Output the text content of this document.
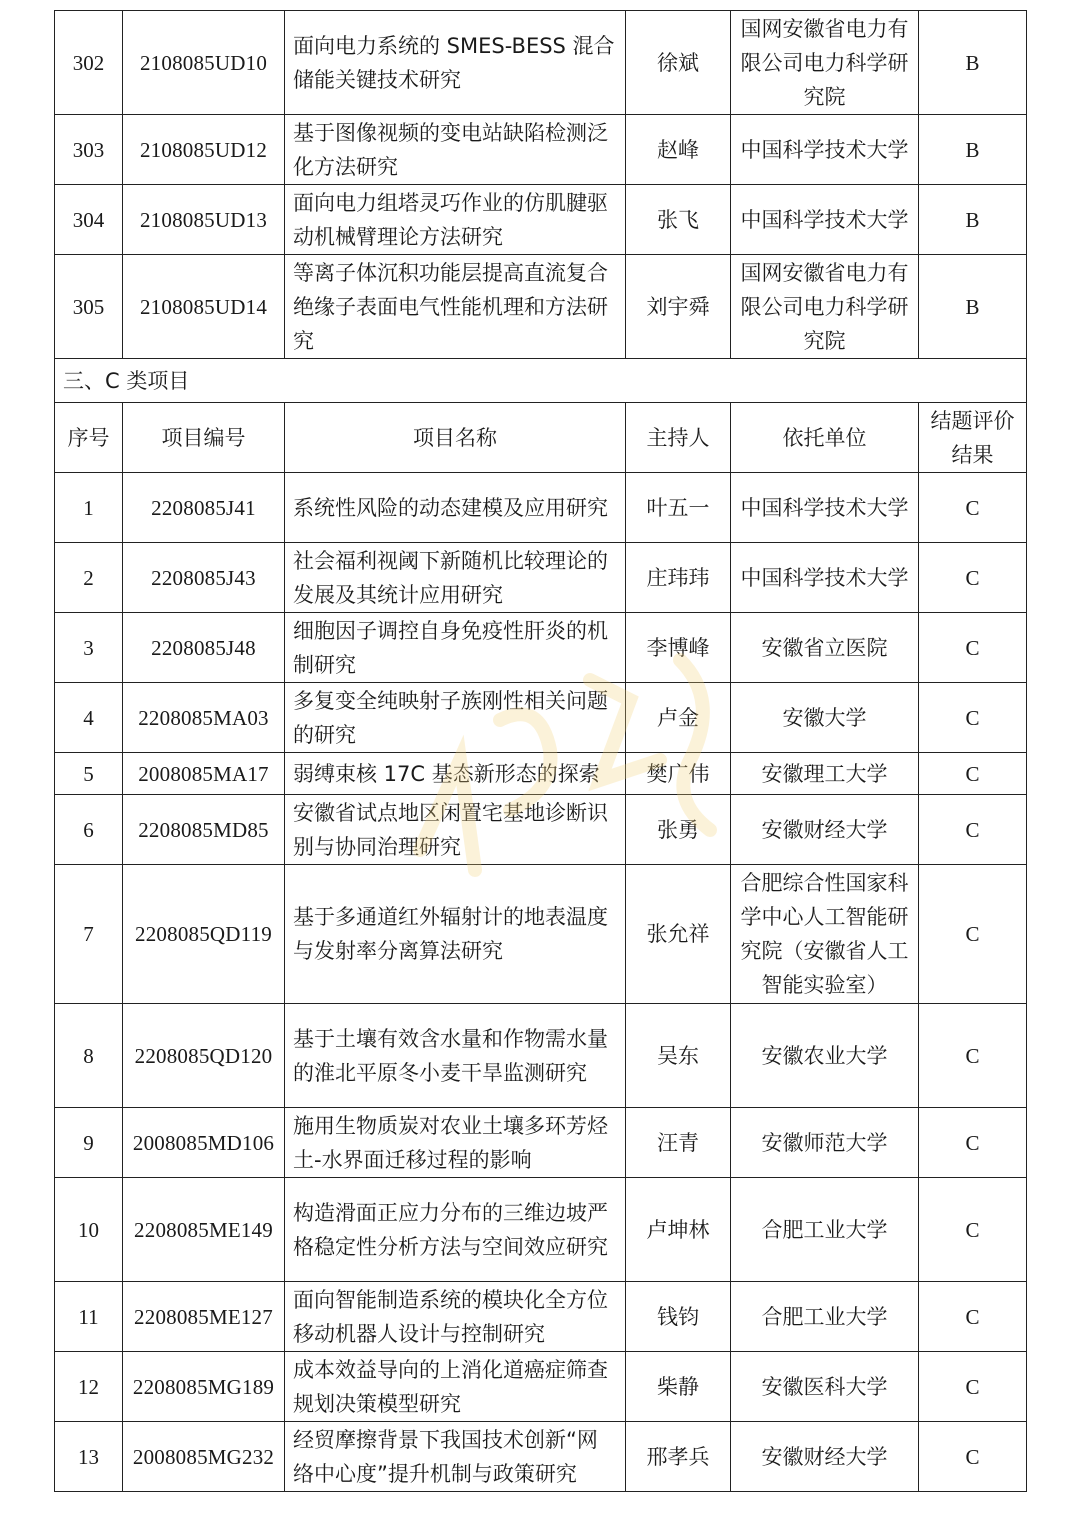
302	2108085UD10	面向电力系统的 SMES-BESS 混合储能关键技术研究	徐斌	国网安徽省电力有限公司电力科学研究院	B
303	2108085UD12	基于图像视频的变电站缺陷检测泛化方法研究	赵峰	中国科学技术大学	B
304	2108085UD13	面向电力组塔灵巧作业的仿肌腱驱动机械臂理论方法研究	张飞	中国科学技术大学	B
305	2108085UD14	等离子体沉积功能层提高直流复合绝缘子表面电气性能机理和方法研究	刘宇舜	国网安徽省电力有限公司电力科学研究院	B
三、C 类项目					
序号	项目编号	项目名称	主持人	依托单位	结题评价结果
1	2208085J41	系统性风险的动态建模及应用研究	叶五一	中国科学技术大学	C
2	2208085J43	社会福利视阈下新随机比较理论的发展及其统计应用研究	庄玮玮	中国科学技术大学	C
3	2208085J48	细胞因子调控自身免疫性肝炎的机制研究	李博峰	安徽省立医院	C
4	2208085MA03	多复变全纯映射子族刚性相关问题的研究	卢金	安徽大学	C
5	2008085MA17	弱缚束核 17C 基态新形态的探索	樊广伟	安徽理工大学	C
6	2208085MD85	安徽省试点地区闲置宅基地诊断识别与协同治理研究	张勇	安徽财经大学	C
7	2208085QD119	基于多通道红外辐射计的地表温度与发射率分离算法研究	张允祥	合肥综合性国家科学中心人工智能研究院（安徽省人工智能实验室）	C
8	2208085QD120	基于土壤有效含水量和作物需水量的淮北平原冬小麦干旱监测研究	吴东	安徽农业大学	C
9	2008085MD106	施用生物质炭对农业土壤多环芳烃土-水界面迁移过程的影响	汪青	安徽师范大学	C
10	2208085ME149	构造滑面正应力分布的三维边坡严格稳定性分析方法与空间效应研究	卢坤林	合肥工业大学	C
11	2208085ME127	面向智能制造系统的模块化全方位移动机器人设计与控制研究	钱钧	合肥工业大学	C
12	2208085MG189	成本效益导向的上消化道癌症筛查规划决策模型研究	柴静	安徽医科大学	C
13	2008085MG232	经贸摩擦背景下我国技术创新“网络中心度”提升机制与政策研究	邢孝兵	安徽财经大学	C
